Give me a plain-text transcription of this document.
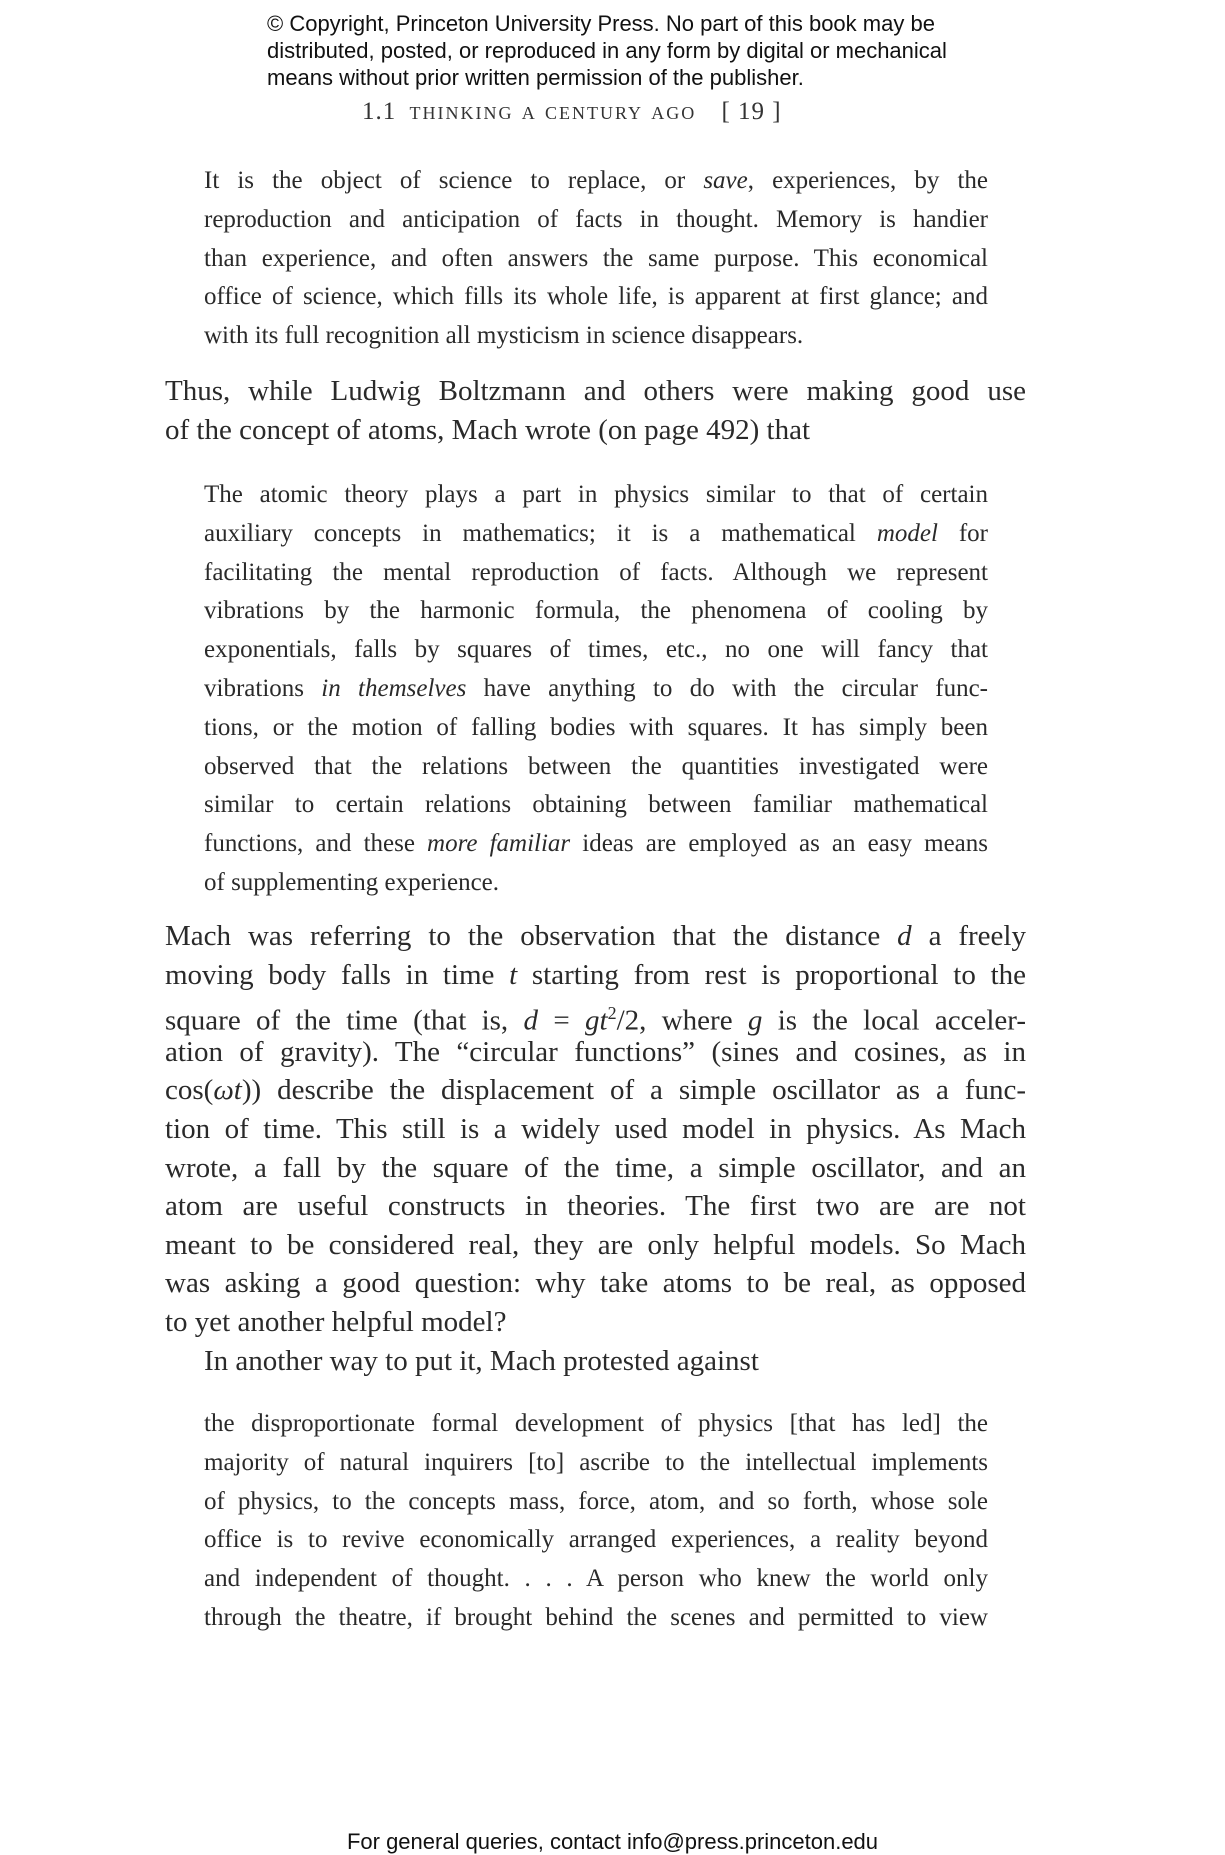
© Copyright, Princeton University Press. No part of this book may be
distributed, posted, or reproduced in any form by digital or mechanical
means without prior written permission of the publisher.
1.1 thinking a century ago [ 19 ]
It is the object of science to replace, or save, experiences, by the
reproduction and anticipation of facts in thought. Memory is handier
than experience, and often answers the same purpose. This economical
office of science, which fills its whole life, is apparent at first glance; and
with its full recognition all mysticism in science disappears.
Thus, while Ludwig Boltzmann and others were making good use
of the concept of atoms, Mach wrote (on page 492) that
The atomic theory plays a part in physics similar to that of certain
auxiliary concepts in mathematics; it is a mathematical model for
facilitating the mental reproduction of facts. Although we represent
vibrations by the harmonic formula, the phenomena of cooling by
exponentials, falls by squares of times, etc., no one will fancy that
vibrations in themselves have anything to do with the circular func-
tions, or the motion of falling bodies with squares. It has simply been
observed that the relations between the quantities investigated were
similar to certain relations obtaining between familiar mathematical
functions, and these more familiar ideas are employed as an easy means
of supplementing experience.
Mach was referring to the observation that the distance d a freely
moving body falls in time t starting from rest is proportional to the
square of the time (that is, $d = gt^2/2$, where g is the local acceler-
ation of gravity). The “circular functions” (sines and cosines, as in
cos(ωt)) describe the displacement of a simple oscillator as a func-
tion of time. This still is a widely used model in physics. As Mach
wrote, a fall by the square of the time, a simple oscillator, and an
atom are useful constructs in theories. The first two are are not
meant to be considered real, they are only helpful models. So Mach
was asking a good question: why take atoms to be real, as opposed
to yet another helpful model?
In another way to put it, Mach protested against
the disproportionate formal development of physics [that has led] the
majority of natural inquirers [to] ascribe to the intellectual implements
of physics, to the concepts mass, force, atom, and so forth, whose sole
office is to revive economically arranged experiences, a reality beyond
and independent of thought. . . . A person who knew the world only
through the theatre, if brought behind the scenes and permitted to view
For general queries, contact info@press.princeton.edu
